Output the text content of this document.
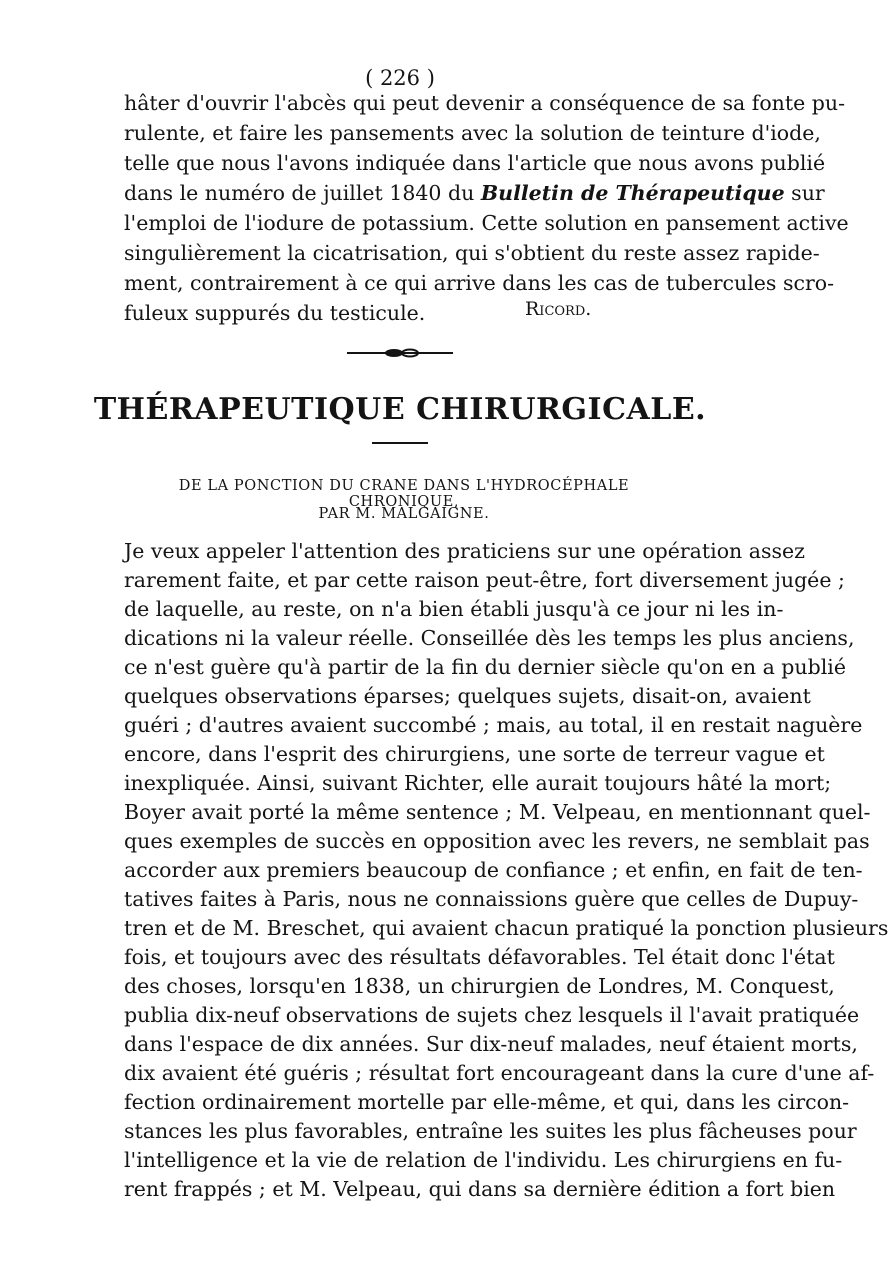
( 226 )
hâter d'ouvrir l'abcès qui peut devenir a conséquence de sa fonte pu-
rulente, et faire les pansements avec la solution de teinture d'iode,
telle que nous l'avons indiquée dans l'article que nous avons publié
dans le numéro de juillet 1840 du Bulletin de Thérapeutique sur
l'emploi de l'iodure de potassium. Cette solution en pansement active
singulièrement la cicatrisation, qui s'obtient du reste assez rapide-
ment, contrairement à ce qui arrive dans les cas de tubercules scro-
fuleux suppurés du testicule.	Ricord.
THÉRAPEUTIQUE CHIRURGICALE.
DE LA PONCTION DU CRANE DANS L'HYDROCÉPHALE CHRONIQUE,
PAR M. MALGAIGNE.
Je veux appeler l'attention des praticiens sur une opération assez
rarement faite, et par cette raison peut-être, fort diversement jugée ;
de laquelle, au reste, on n'a bien établi jusqu'à ce jour ni les in-
dications ni la valeur réelle. Conseillée dès les temps les plus anciens,
ce n'est guère qu'à partir de la fin du dernier siècle qu'on en a publié
quelques observations éparses; quelques sujets, disait-on, avaient
guéri ; d'autres avaient succombé ; mais, au total, il en restait naguère
encore, dans l'esprit des chirurgiens, une sorte de terreur vague et
inexpliquée. Ainsi, suivant Richter, elle aurait toujours hâté la mort;
Boyer avait porté la même sentence ; M. Velpeau, en mentionnant quel-
ques exemples de succès en opposition avec les revers, ne semblait pas
accorder aux premiers beaucoup de confiance ; et enfin, en fait de ten-
tatives faites à Paris, nous ne connaissions guère que celles de Dupuy-
tren et de M. Breschet, qui avaient chacun pratiqué la ponction plusieurs
fois, et toujours avec des résultats défavorables. Tel était donc l'état
des choses, lorsqu'en 1838, un chirurgien de Londres, M. Conquest,
publia dix-neuf observations de sujets chez lesquels il l'avait pratiquée
dans l'espace de dix années. Sur dix-neuf malades, neuf étaient morts,
dix avaient été guéris ; résultat fort encourageant dans la cure d'une af-
fection ordinairement mortelle par elle-même, et qui, dans les circon-
stances les plus favorables, entraîne les suites les plus fâcheuses pour
l'intelligence et la vie de relation de l'individu. Les chirurgiens en fu-
rent frappés ; et M. Velpeau, qui dans sa dernière édition a fort bien
